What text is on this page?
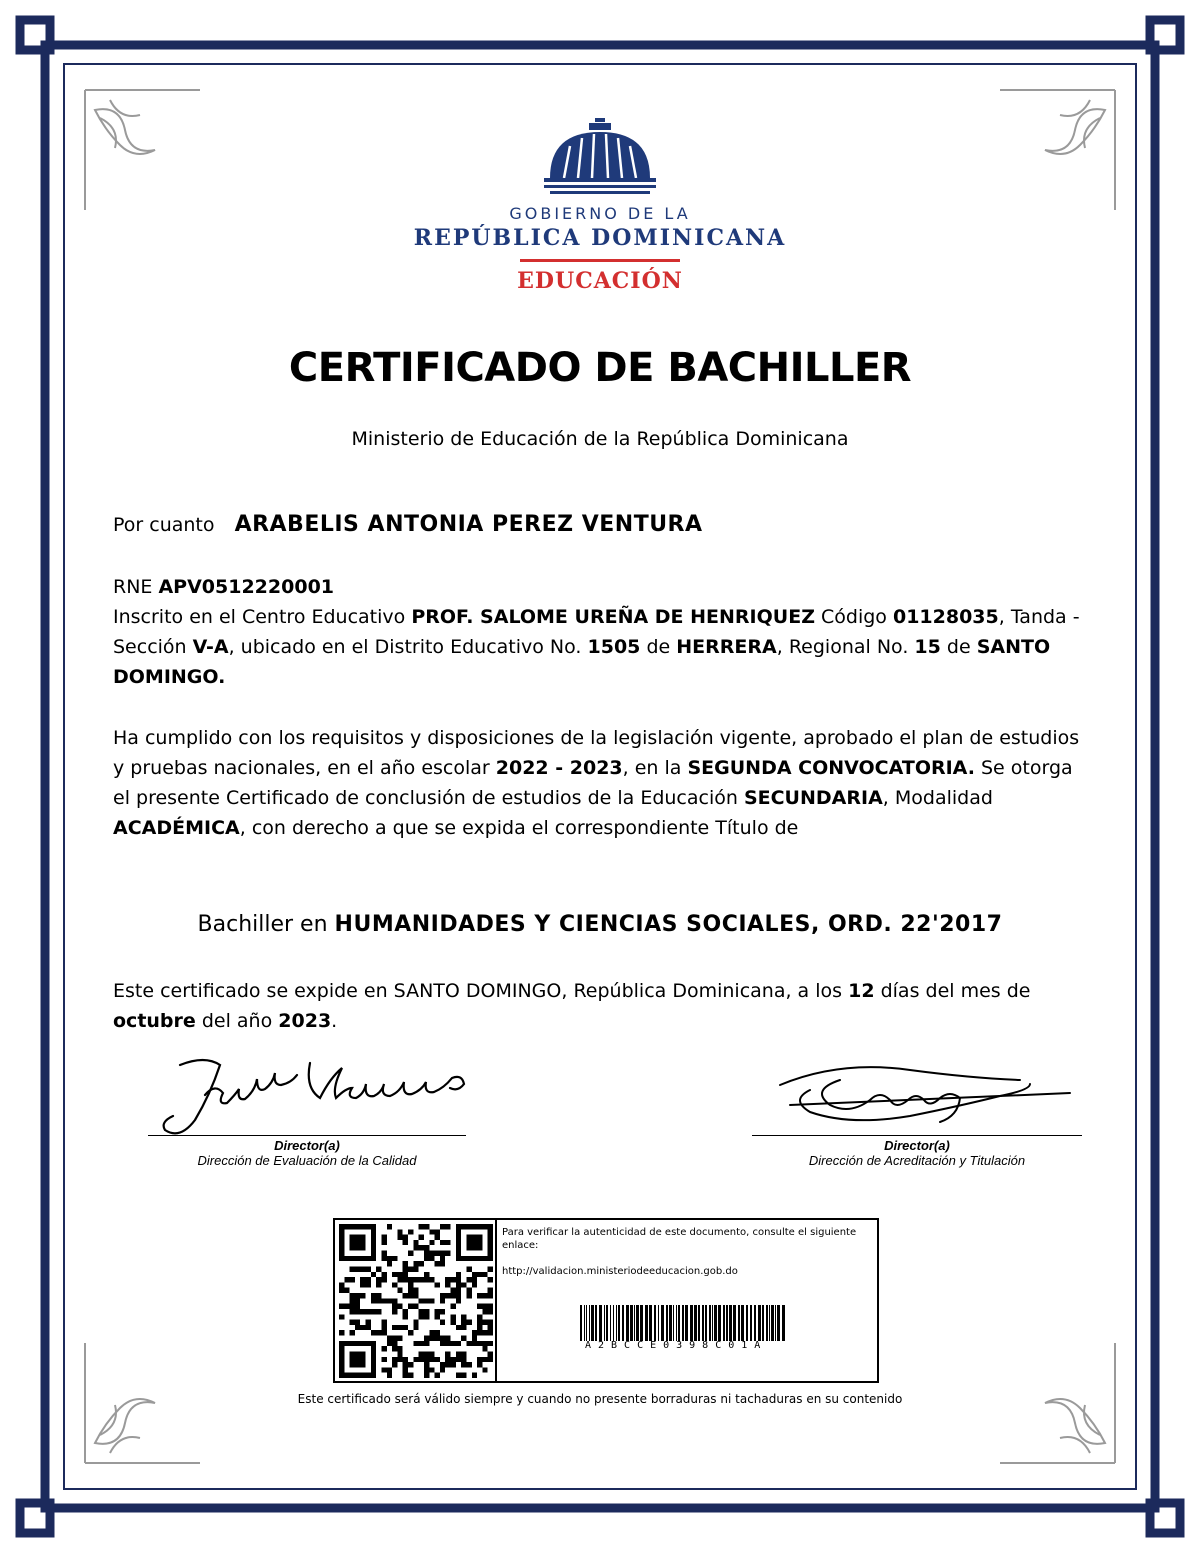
GOBIERNO DE LA
REPÚBLICA DOMINICANA
EDUCACIÓN
CERTIFICADO DE BACHILLER
Ministerio de Educación de la República Dominicana
Por cuanto ARABELIS ANTONIA PEREZ VENTURA
RNE APV0512220001
Inscrito en el Centro Educativo PROF. SALOME UREÑA DE HENRIQUEZ Código 01128035, Tanda - Sección V-A, ubicado en el Distrito Educativo No. 1505 de HERRERA, Regional No. 15 de SANTO DOMINGO.
Ha cumplido con los requisitos y disposiciones de la legislación vigente, aprobado el plan de estudios y pruebas nacionales, en el año escolar 2022 - 2023, en la SEGUNDA CONVOCATORIA. Se otorga el presente Certificado de conclusión de estudios de la Educación SECUNDARIA, Modalidad ACADÉMICA, con derecho a que se expida el correspondiente Título de
Bachiller en HUMANIDADES Y CIENCIAS SOCIALES, ORD. 22'2017
Este certificado se expide en SANTO DOMINGO, República Dominicana, a los 12 días del mes de octubre del año 2023.
Director(a)
Dirección de Evaluación de la Calidad
Director(a)
Dirección de Acreditación y Titulación
Para verificar la autenticidad de este documento, consulte el siguiente enlace:
http://validacion.ministeriodeeducacion.gob.do
A2BCCE0398C01A
Este certificado será válido siempre y cuando no presente borraduras ni tachaduras en su contenido
